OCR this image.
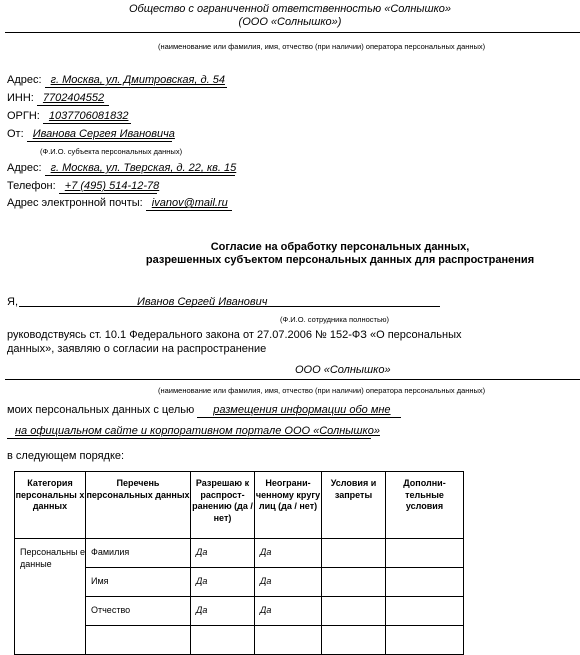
Общество с ограниченной ответственностью «Солнышко»
(ООО «Солнышко»)
(наименование или фамилия, имя, отчество (при наличии) оператора персональных данных)
Адрес: г. Москва, ул. Дмитровская, д. 54
ИНН: 7702404552
ОРГН: 1037706081832
От: Иванова Сергея Ивановича
(Ф.И.О. субъекта персональных данных)
Адрес: г. Москва, ул. Тверская, д. 22, кв. 15
Телефон: +7 (495) 514-12-78
Адрес электронной почты: ivanov@mail.ru
Согласие на обработку персональных данных,
разрешенных субъектом персональных данных для распространения
Я,	Иванов Сергей Иванович
(Ф.И.О. сотрудника полностью)
руководствуясь ст. 10.1 Федерального закона от 27.07.2006 № 152-ФЗ «О персональных
данных», заявляю о согласии на распространение
ООО «Солнышко»
(наименование или фамилия, имя, отчество (при наличии) оператора персональных данных)
моих персональных данных с целью размещения информации обо мне
на официальном сайте и корпоративном портале ООО «Солнышко»
в следующем порядке:
Категория персональны х данных	Перечень персональных данных	Разрешаю к распрост- ранению (да / нет)	Неограни- ченному кругу лиц (да / нет)	Условия и запреты	Дополни- тельные условия
Персональны е данные	Фамилия	Да	Да		
	Имя	Да	Да		
	Отчество	Да	Да		
